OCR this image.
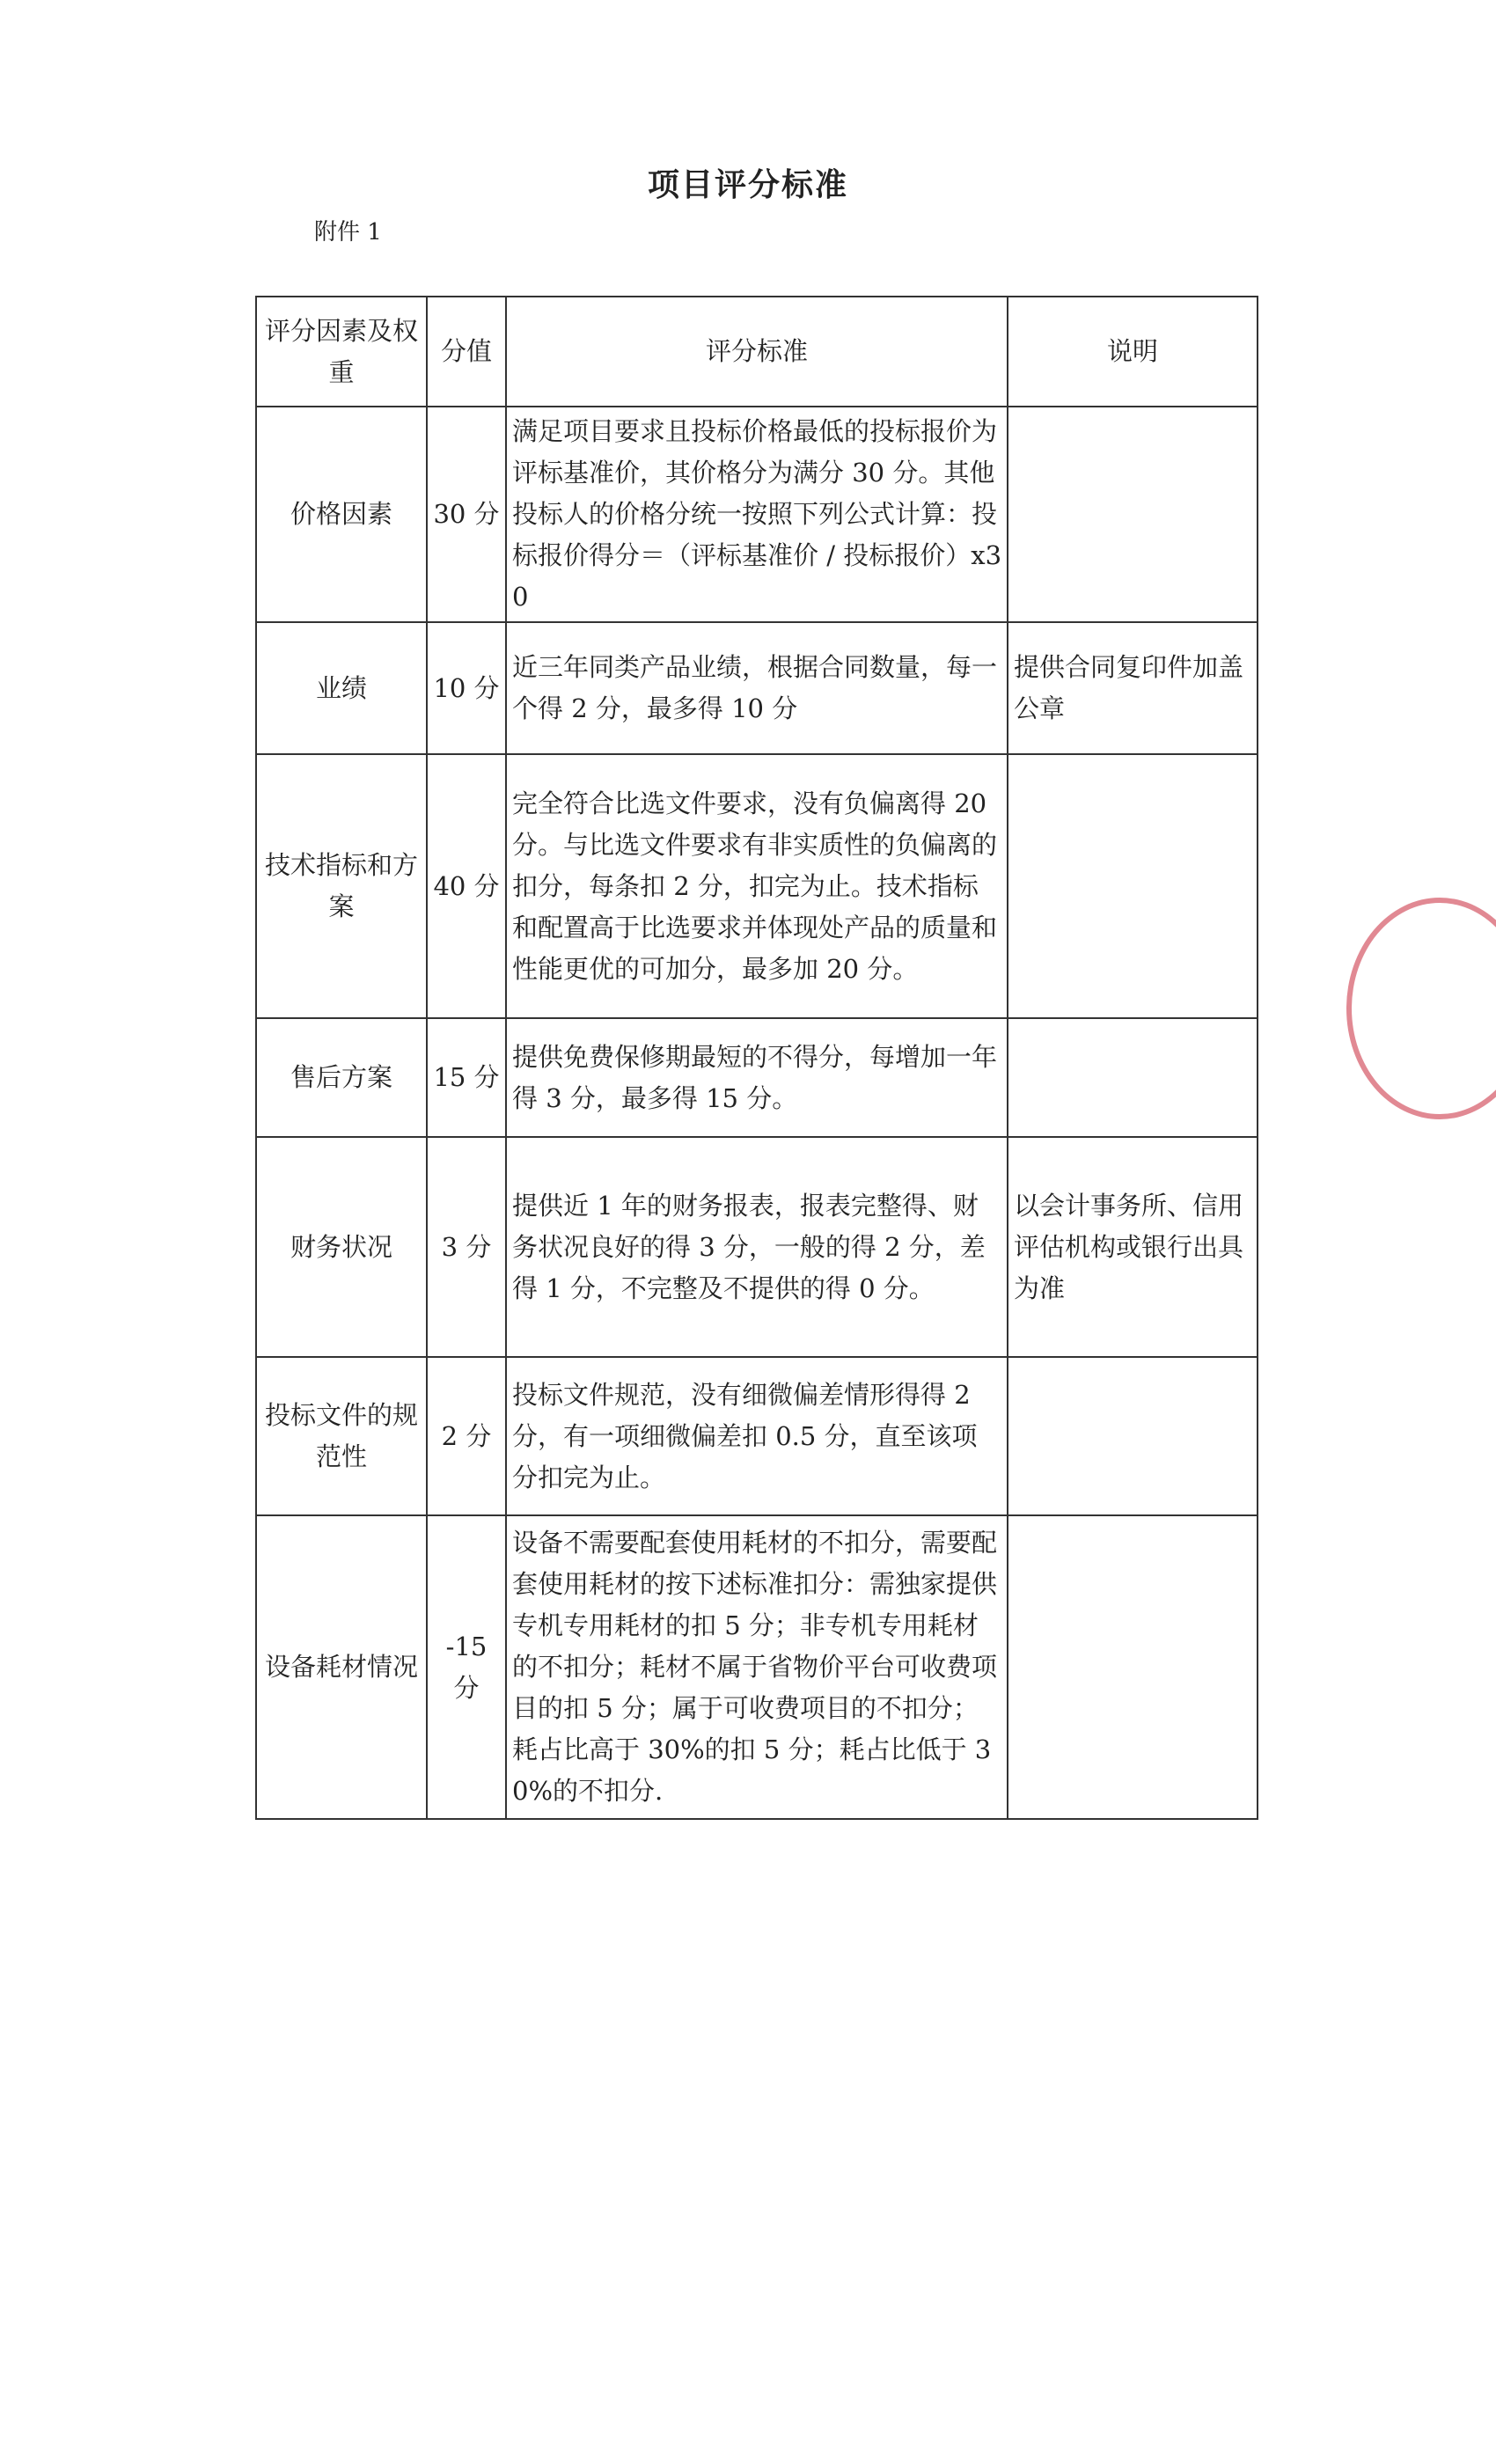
项目评分标准
附件 1
评分因素及权重	分值	评分标准	说明
价格因素	30 分	满足项目要求且投标价格最低的投标报价为评标基准价，其价格分为满分 30 分。其他投标人的价格分统一按照下列公式计算：投标报价得分＝（评标基准价 / 投标报价）x30	
业绩	10 分	近三年同类产品业绩，根据合同数量，每一个得 2 分，最多得 10 分	提供合同复印件加盖公章
技术指标和方案	40 分	完全符合比选文件要求，没有负偏离得 20 分。与比选文件要求有非实质性的负偏离的扣分，每条扣 2 分，扣完为止。技术指标和配置高于比选要求并体现处产品的质量和性能更优的可加分，最多加 20 分。	
售后方案	15 分	提供免费保修期最短的不得分，每增加一年得 3 分，最多得 15 分。	
财务状况	3 分	提供近 1 年的财务报表，报表完整得、财务状况良好的得 3 分，一般的得 2 分，差得 1 分，不完整及不提供的得 0 分。	以会计事务所、信用评估机构或银行出具为准
投标文件的规范性	2 分	投标文件规范，没有细微偏差情形得得 2 分，有一项细微偏差扣 0.5 分，直至该项分扣完为止。	
设备耗材情况	-15 分	设备不需要配套使用耗材的不扣分，需要配套使用耗材的按下述标准扣分：需独家提供专机专用耗材的扣 5 分；非专机专用耗材的不扣分；耗材不属于省物价平台可收费项目的扣 5 分；属于可收费项目的不扣分；耗占比高于 30%的扣 5 分；耗占比低于 30%的不扣分.	
